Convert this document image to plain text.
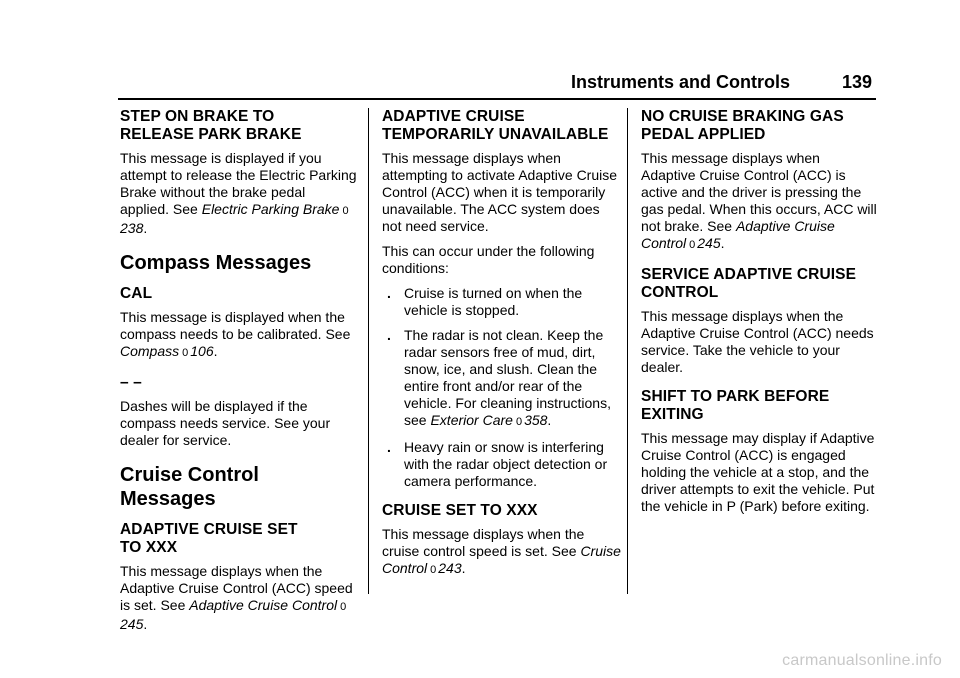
Instruments and Controls	139
STEP ON BRAKE TO
RELEASE PARK BRAKE

This message is displayed if you attempt to release the Electric Parking Brake without the brake pedal applied. See Electric Parking Brake 0238.

Compass Messages
CAL

This message is displayed when the compass needs to be calibrated. See Compass 0 106.

– –

Dashes will be displayed if the compass needs service. See your dealer for service.

Cruise Control Messages
ADAPTIVE CRUISE SET
TO XXX

This message displays when the Adaptive Cruise Control (ACC) speed is set. See Adaptive Cruise Control 0245.

ADAPTIVE CRUISE
TEMPORARILY UNAVAILABLE

This message displays when attempting to activate Adaptive Cruise Control (ACC) when it is temporarily unavailable. The ACC system does not need service.

This can occur under the following conditions:

. Cruise is turned on when the vehicle is stopped.
. The radar is not clean. Keep the radar sensors free of mud, dirt, snow, ice, and slush. Clean the entire front and/or rear of the vehicle. For cleaning instructions, see Exterior Care 0 358.
. Heavy rain or snow is interfering with the radar object detection or camera performance.
CRUISE SET TO XXX

This message displays when the cruise control speed is set. See Cruise Control 0 243.

NO CRUISE BRAKING GAS
PEDAL APPLIED

This message displays when Adaptive Cruise Control (ACC) is active and the driver is pressing the gas pedal. When this occurs, ACC will not brake. See Adaptive Cruise Control 0 245.

SERVICE ADAPTIVE CRUISE
CONTROL

This message displays when the Adaptive Cruise Control (ACC) needs service. Take the vehicle to your dealer.

SHIFT TO PARK BEFORE
EXITING

This message may display if Adaptive Cruise Control (ACC) is engaged holding the vehicle at a stop, and the driver attempts to exit the vehicle. Put the vehicle in P (Park) before exiting.

carmanualsonline.info
